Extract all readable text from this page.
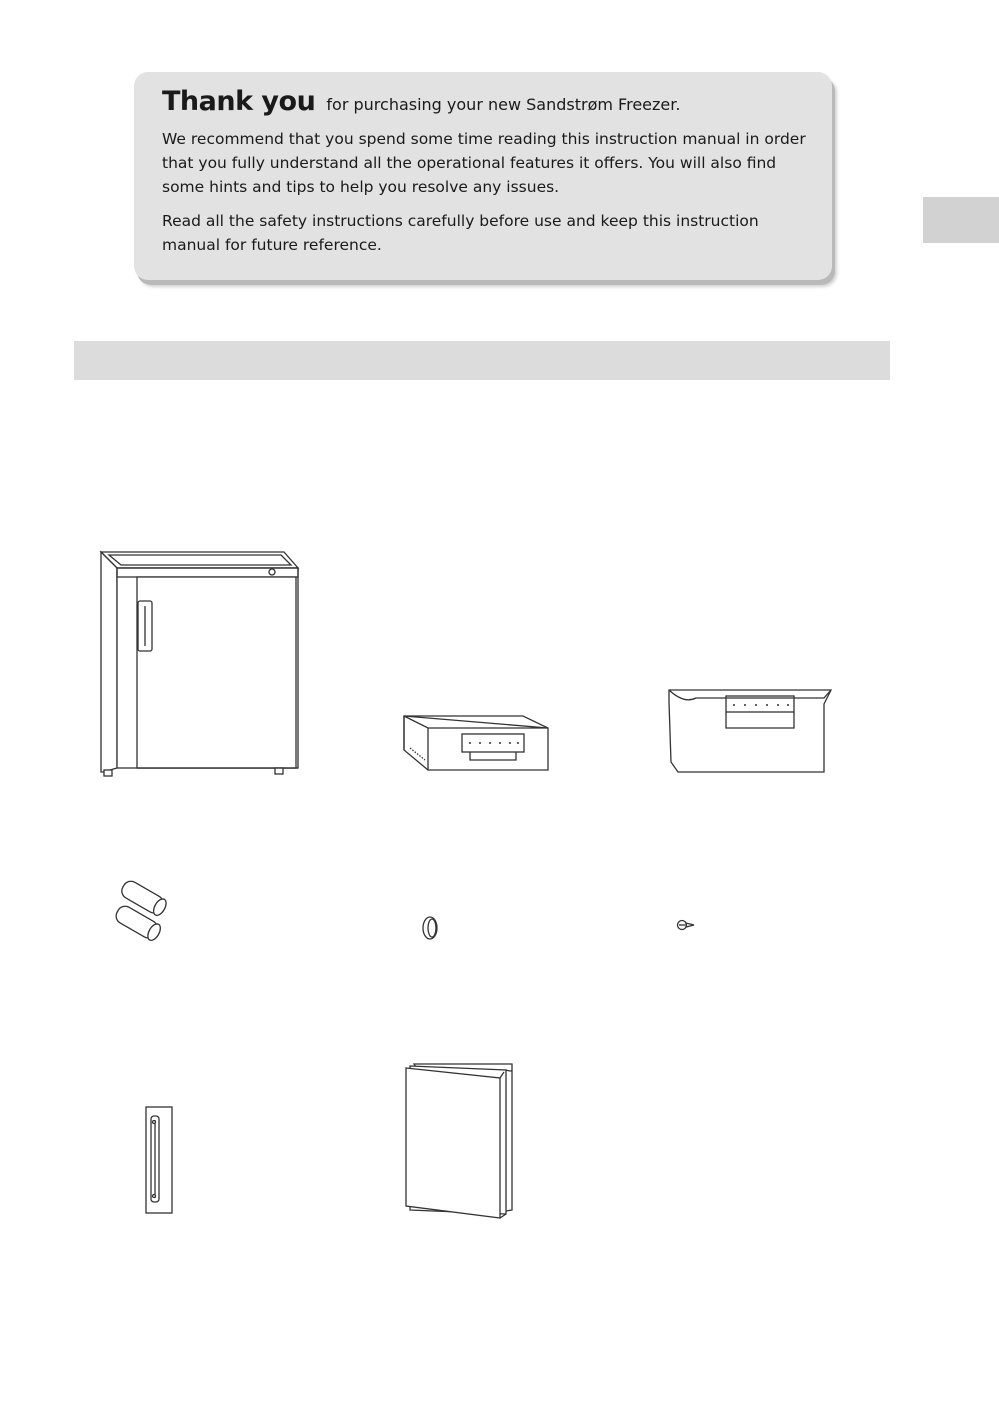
Thank you for purchasing your new Sandstrøm Freezer.

We recommend that you spend some time reading this instruction manual in order that you fully understand all the operational features it offers. You will also find some hints and tips to help you resolve any issues.

Read all the safety instructions carefully before use and keep this instruction manual for future reference.
